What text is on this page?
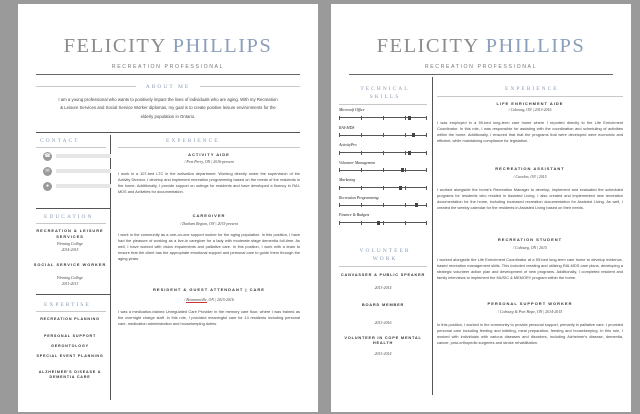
FELICITY PHILLIPS
RECREATION PROFESSIONAL
ABOUT ME
I am a young professional who wants to positively impact the lives of individuals who are aging. With my Recreation & Leisure Services and Social Service Worker diplomas, my goal is to create positive leisure environments for the elderly population in Ontario.
CONTACT
☎
✉
●
EDUCATION
RECREATION & LEISURE SERVICES
Fleming College
2014-2015
SOCIAL SERVICE WORKER
Fleming College
2011-2013
EXPERTISE
RECREATION PLANNING
PERSONAL SUPPORT
GERONTOLOGY
SPECIAL EVENT PLANNING
ALZHEIMER'S DISEASE & DEMENTIA CARE
EXPERIENCE
ACTIVITY AIDE
/ Port Perry, ON | 2016-present
I work in a 107-bed LTC in the activation department. Working directly under the supervision of the Activity Director, I develop and implement recreation programming based on the needs of the residents in the home. Additionally, I provide support on outings for residents and have developed a fluency in RAI-MDS and Activities for documentation.
CAREGIVER
/ Durham Region, ON | 2015-present
I work in the community as a one-on-one support worker for the aging population. In this position, I have had the pleasure of working as a live-in caregiver for a lady with moderate stage dementia full-time. As well, I have worked with vision impairments and palliative care. In this position, I work with a team to ensure that the client has the appropriate emotional support and personal care to guide them through the aging years.
RESIDENT & GUEST ATTENDANT | CARE
/ Bowmanville, ON | 2015-2016
I was a medication-trained Unregulated Care Provider in the memory care floor, where I was trained as the overnight charge staff. In this role, I provided meaningful care for 14 residents including personal care, medication administration and housekeeping duties.
FELICITY PHILLIPS
RECREATION PROFESSIONAL
TECHNICAL SKILLS
Microsoft Office
RAI-MDS
ActivityPro
Volunteer Management
Marketing
Recreation Programming
Finance & Budgets
VOLUNTEER WORK
CANVASSER & PUBLIC SPEAKER
2013-2014
BOARD MEMBER
2013-2016
VOLUNTEER IN COPE MENTAL HEALTH
2013-2014
EXPERIENCE
LIFE ENRICHMENT AIDE
/ Cobourg, ON | 2013-2016
I was employed in a 59-bed long-term care home where I reported directly to the Life Enrichment Coordinator. In this role, I was responsible for assisting with the coordination and scheduling of activities within the home. Additionally, I ensured that that the programs that were developed were economic and efficient, while maintaining compliance for legislation.
RECREATION ASSISTANT
/ Cavelon, ON | 2015
I worked alongside the home's Recreation Manager to develop, implement and evaluated the scheduled programs for residents who resided in Assisted Living. I also created and implemented new recreation documentation for the home, including increased recreation documentation for Assisted Living. As well, I created the weekly calendar for the residents in Assisted Living based on their needs.
RECREATION STUDENT
/ Cobourg, ON | 2015
I worked alongside the Life Enrichment Coordinator at a 59-bed long-term care home to develop evidence-based recreation management skills. This included creating and utilizing RAI-MDS care plans, developing a strategic volunteer action plan and development of new programs. Additionally, I completed resident and family interviews to implement the MUSIC & MEMORY program within the home.
PERSONAL SUPPORT WORKER
/ Cobourg & Port Hope, ON | 2014-2015
In this position, I worked in the community to provide personal support, primarily in palliative care. I provided personal care including feeding and toileting, meal preparation, feeding and housekeeping. In this role, I worked with individuals with various diseases and disorders, including Alzheimer's disease, dementia, cancer, post-orthopedic surgeries and stroke rehabilitation.
